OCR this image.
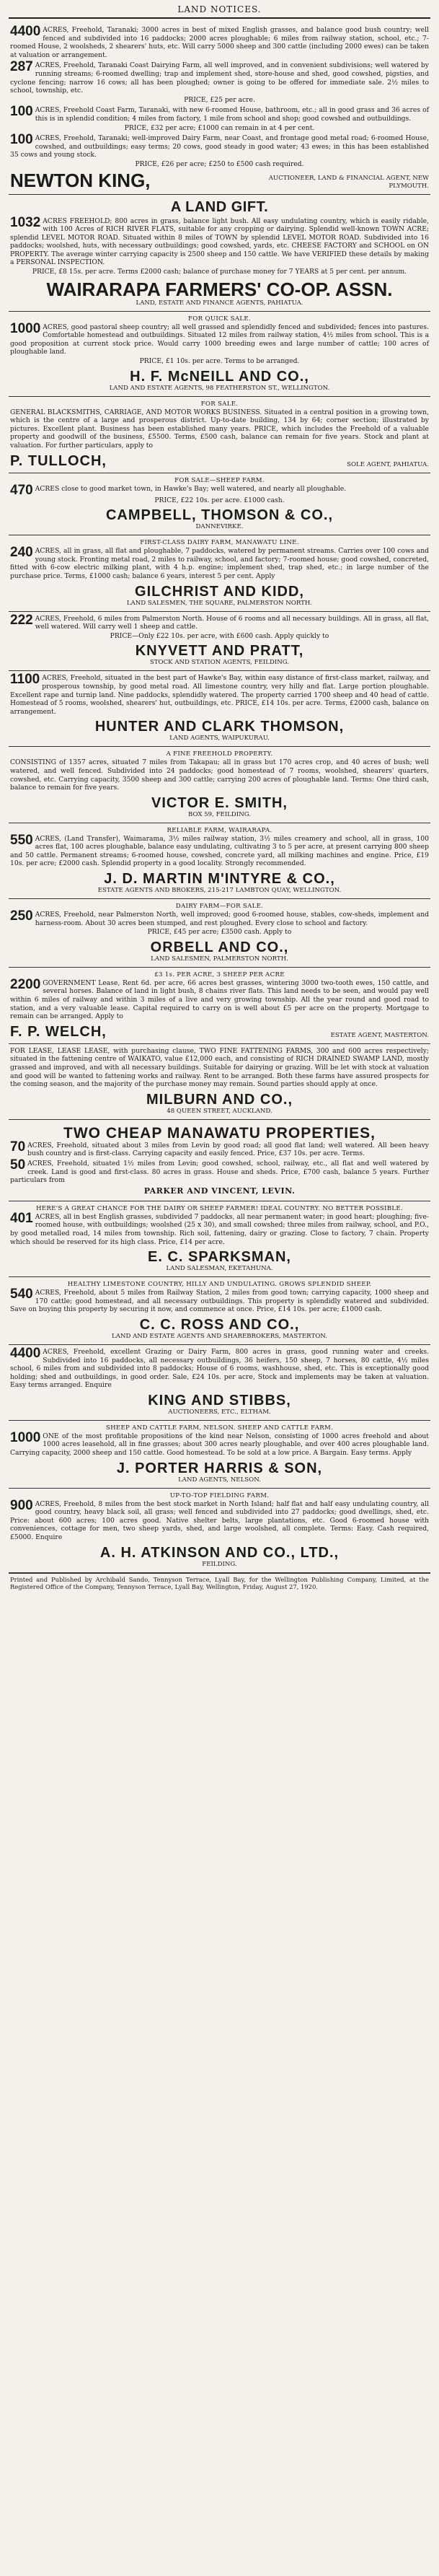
LAND NOTICES.

4400 ACRES, Freehold, Taranaki; 3000 acres in best of mixed English grasses, and balance good bush country; well fenced and subdivided into 16 paddocks; 2000 acres ploughable; 6 miles from railway station, school, etc.; 7-roomed House, 2 woolsheds, 2 shearers' huts, etc. Will carry 5000 sheep and 300 cattle (including 2000 ewes) can be taken at valuation or arrangement.

287 ACRES, Freehold, Taranaki Coast Dairying Farm, all well improved, and in convenient subdivisions; well watered by running streams; 6-roomed dwelling; trap and implement shed, store-house and shed, good cowshed, pigsties, and cyclone fencing; narrow 16 cows; all has been ploughed; owner is going to be offered for immediate sale. 2½ miles to school, township, etc.

PRICE, £25 per acre.

100 ACRES, Freehold Coast Farm, Taranaki, with new 6-roomed House, bathroom, etc.; all in good grass and 36 acres of this is in splendid condition; 4 miles from factory, 1 mile from school and shop; good cowshed and outbuildings.

PRICE, £32 per acre; £1000 can remain in at 4 per cent.

100 ACRES, Freehold, Taranaki; well-improved Dairy Farm, near Coast, and frontage good metal road; 6-roomed House, cowshed, and outbuildings; easy terms; 20 cows, good steady in good water; 43 ewes; in this has been established 35 cows and young stock.

PRICE, £26 per acre; £250 to £500 cash required.

NEWTON KING,	AUCTIONEER, LAND & FINANCIAL AGENT, NEW PLYMOUTH.

A LAND GIFT.

1032 ACRES FREEHOLD; 800 acres in grass, balance light bush. All easy undulating country, which is easily ridable, with 100 Acres of RICH RIVER FLATS, suitable for any cropping or dairying. Splendid well-known TOWN ACRE; splendid LEVEL MOTOR ROAD. Situated within 8 miles of TOWN by splendid LEVEL MOTOR ROAD. Subdivided into 16 paddocks; woolshed, huts, with necessary outbuildings; good cowshed, yards, etc. CHEESE FACTORY and SCHOOL on ON PROPERTY. The average winter carrying capacity is 2500 sheep and 150 cattle. We have VERIFIED these details by making a PERSONAL INSPECTION.

PRICE, £8 15s. per acre. Terms £2000 cash; balance of purchase money for 7 YEARS at 5 per cent. per annum.

WAIRARAPA FARMERS' CO-OP. ASSN.

LAND, ESTATE AND FINANCE AGENTS, PAHIATUA.

FOR QUICK SALE.

1000 ACRES, good pastoral sheep country; all well grassed and splendidly fenced and subdivided; fences into pastures. Comfortable homestead and outbuildings. Situated 12 miles from railway station, 4½ miles from school. This is a good proposition at current stock price. Would carry 1000 breeding ewes and large number of cattle; 100 acres of ploughable land.

PRICE, £1 10s. per acre. Terms to be arranged.

H. F. McNEILL AND CO.,

LAND AND ESTATE AGENTS, 98 FEATHERSTON ST., WELLINGTON.

FOR SALE.

GENERAL BLACKSMITHS, CARRIAGE, AND MOTOR WORKS BUSINESS. Situated in a central position in a growing town, which is the centre of a large and prosperous district. Up-to-date building, 134 by 64; corner section; illustrated by pictures. Excellent plant. Business has been established many years. PRICE, which includes the Freehold of a valuable property and goodwill of the business, £5500. Terms, £500 cash, balance can remain for five years. Stock and plant at valuation. For further particulars, apply to

P. TULLOCH,	SOLE AGENT, PAHIATUA.

FOR SALE—SHEEP FARM.

470 ACRES close to good market town, in Hawke's Bay; well watered, and nearly all ploughable.

PRICE, £22 10s. per acre. £1000 cash.

CAMPBELL, THOMSON & CO.,

DANNEVIRKE.

FIRST-CLASS DAIRY FARM, MANAWATU LINE.

240 ACRES, all in grass, all flat and ploughable, 7 paddocks, watered by permanent streams. Carries over 100 cows and young stock. Fronting metal road, 2 miles to railway, school, and factory; 7-roomed house; good cowshed, concreted, fitted with 6-cow electric milking plant, with 4 h.p. engine; implement shed, trap shed, etc.; in large number of the purchase price. Terms, £1000 cash; balance 6 years, interest 5 per cent. Apply

GILCHRIST AND KIDD,

LAND SALESMEN, THE SQUARE, PALMERSTON NORTH.

222 ACRES, Freehold, 6 miles from Palmerston North. House of 6 rooms and all necessary buildings. All in grass, all flat, well watered. Will carry well 1 sheep and cattle.

PRICE—Only £22 10s. per acre, with £600 cash. Apply quickly to

KNYVETT AND PRATT,

STOCK AND STATION AGENTS, FEILDING.

1100 ACRES, Freehold, situated in the best part of Hawke's Bay, within easy distance of first-class market, railway, and prosperous township, by good metal road. All limestone country, very hilly and flat. Large portion ploughable. Excellent rape and turnip land. Nine paddocks, splendidly watered. The property carried 1700 sheep and 40 head of cattle. Homestead of 5 rooms, woolshed, shearers' hut, outbuildings, etc. PRICE, £14 10s. per acre. Terms, £2000 cash, balance on arrangement.

HUNTER AND CLARK THOMSON,

LAND AGENTS, WAIPUKURAU.

A FINE FREEHOLD PROPERTY.

CONSISTING of 1357 acres, situated 7 miles from Takapau; all in grass but 170 acres crop, and 40 acres of bush; well watered, and well fenced. Subdivided into 24 paddocks; good homestead of 7 rooms, woolshed, shearers' quarters, cowshed, etc. Carrying capacity, 3500 sheep and 300 cattle; carrying 200 acres of ploughable land. Terms: One third cash, balance to remain for five years.

VICTOR E. SMITH,

BOX 59, FEILDING.

RELIABLE FARM, WAIRARAPA.

550 ACRES, (Land Transfer), Waimarama, 3½ miles railway station, 3½ miles creamery and school, all in grass, 100 acres flat, 100 acres ploughable, balance easy undulating, cultivating 3 to 5 per acre, at present carrying 800 sheep and 50 cattle. Permanent streams; 6-roomed house, cowshed, concrete yard, all milking machines and engine. Price, £19 10s. per acre; £2000 cash. Splendid property in a good locality. Strongly recommended.

J. D. MARTIN M'INTYRE & CO.,

ESTATE AGENTS AND BROKERS, 215-217 LAMBTON QUAY, WELLINGTON.

DAIRY FARM—FOR SALE.

250 ACRES, Freehold, near Palmerston North, well improved; good 6-roomed house, stables, cow-sheds, implement and harness-room. About 30 acres been stumped, and rest ploughed. Every close to school and factory.

PRICE, £45 per acre; £3500 cash. Apply to

ORBELL AND CO.,

LAND SALESMEN, PALMERSTON NORTH.

£3 1s. PER ACRE, 3 SHEEP PER ACRE

2200 GOVERNMENT Lease, Rent 6d. per acre, 66 acres best grasses, wintering 3000 two-tooth ewes, 150 cattle, and several horses. Balance of land in light bush, 8 chains river flats. This land needs to be seen, and would pay well within 6 miles of railway and within 3 miles of a live and very growing township. All the year round and good road to station, and a very valuable lease. Capital required to carry on is well about £5 per acre on the property. Mortgage to remain can be arranged. Apply to

F. P. WELCH,	ESTATE AGENT, MASTERTON.

FOR LEASE, LEASE LEASE, with purchasing clause, TWO FINE FATTENING FARMS, 300 and 600 acres respectively; situated in the fattening centre of WAIKATO, value £12,000 each, and consisting of RICH DRAINED SWAMP LAND, mostly grassed and improved, and with all necessary buildings. Suitable for dairying or grazing. Will be let with stock at valuation and good will be wanted to fattening works and railway. Rent to be arranged. Both these farms have assured prospects for the coming season, and the majority of the purchase money may remain. Sound parties should apply at once.

MILBURN AND CO.,

48 QUEEN STREET, AUCKLAND.

TWO CHEAP MANAWATU PROPERTIES,

70 ACRES, Freehold, situated about 3 miles from Levin by good road; all good flat land; well watered. All been heavy bush country and is first-class. Carrying capacity and easily fenced. Price, £37 10s. per acre. Terms.

50 ACRES, Freehold, situated 1½ miles from Levin; good cowshed, school, railway, etc., all flat and well watered by creek. Land is good and first-class. 80 acres in grass. House and sheds. Price, £700 cash, balance 5 years. Further particulars from

PARKER AND VINCENT, LEVIN.

HERE'S A GREAT CHANCE FOR THE DAIRY OR SHEEP FARMER! IDEAL COUNTRY. NO BETTER POSSIBLE.

401 ACRES, all in best English grasses, subdivided 7 paddocks, all near permanent water; in good heart; ploughing; five-roomed house, with outbuildings; woolshed (25 x 30), and small cowshed; three miles from railway, school, and P.O., by good metalled road, 14 miles from township. Rich soil, fattening, dairy or grazing. Close to factory, 7 chain. Property which should be reserved for its high class. Price, £14 per acre.

E. C. SPARKSMAN,

LAND SALESMAN, EKETAHUNA.

HEALTHY LIMESTONE COUNTRY, HILLY AND UNDULATING. GROWS SPLENDID SHEEP.

540 ACRES, Freehold, about 5 miles from Railway Station, 2 miles from good town; carrying capacity, 1000 sheep and 170 cattle; good homestead, and all necessary outbuildings. This property is splendidly watered and subdivided. Save on buying this property by securing it now, and commence at once. Price, £14 10s. per acre; £1000 cash.

C. C. ROSS AND CO.,

LAND AND ESTATE AGENTS AND SHAREBROKERS, MASTERTON.

4400 ACRES, Freehold, excellent Grazing or Dairy Farm, 800 acres in grass, good running water and creeks. Subdivided into 16 paddocks, all necessary outbuildings, 36 heifers, 150 sheep, 7 horses, 80 cattle, 4½ miles school, 6 miles from and subdivided into 8 paddocks; House of 6 rooms, washhouse, shed, etc. This is exceptionally good holding; shed and outbuildings, in good order. Sale, £24 10s. per acre, Stock and implements may be taken at valuation. Easy terms arranged. Enquire

KING AND STIBBS,

AUCTIONEERS, ETC., ELTHAM.

SHEEP AND CATTLE FARM, NELSON. SHEEP AND CATTLE FARM.

1000 ONE of the most profitable propositions of the kind near Nelson, consisting of 1000 acres freehold and about 1000 acres leasehold, all in fine grasses; about 300 acres nearly ploughable, and over 400 acres ploughable land. Carrying capacity, 2000 sheep and 150 cattle. Good homestead. To be sold at a low price. A Bargain. Easy terms. Apply

J. PORTER HARRIS & SON,

LAND AGENTS, NELSON.

UP-TO-TOP FIELDING FARM.

900 ACRES, Freehold, 8 miles from the best stock market in North Island; half flat and half easy undulating country, all good country, heavy black soil, all grass; well fenced and subdivided into 27 paddocks; good dwellings, shed, etc. Price: about 600 acres; 100 acres good. Native shelter belts, large plantations, etc. Good 6-roomed house with conveniences, cottage for men, two sheep yards, shed, and large woolshed, all complete. Terms: Easy. Cash required, £5000. Enquire

A. H. ATKINSON AND CO., LTD.,

FEILDING.

Printed and Published by Archibald Sando, Tennyson Terrace, Lyall Bay, for the Wellington Publishing Company, Limited, at the Registered Office of the Company, Tennyson Terrace, Lyall Bay, Wellington, Friday, August 27, 1920.
